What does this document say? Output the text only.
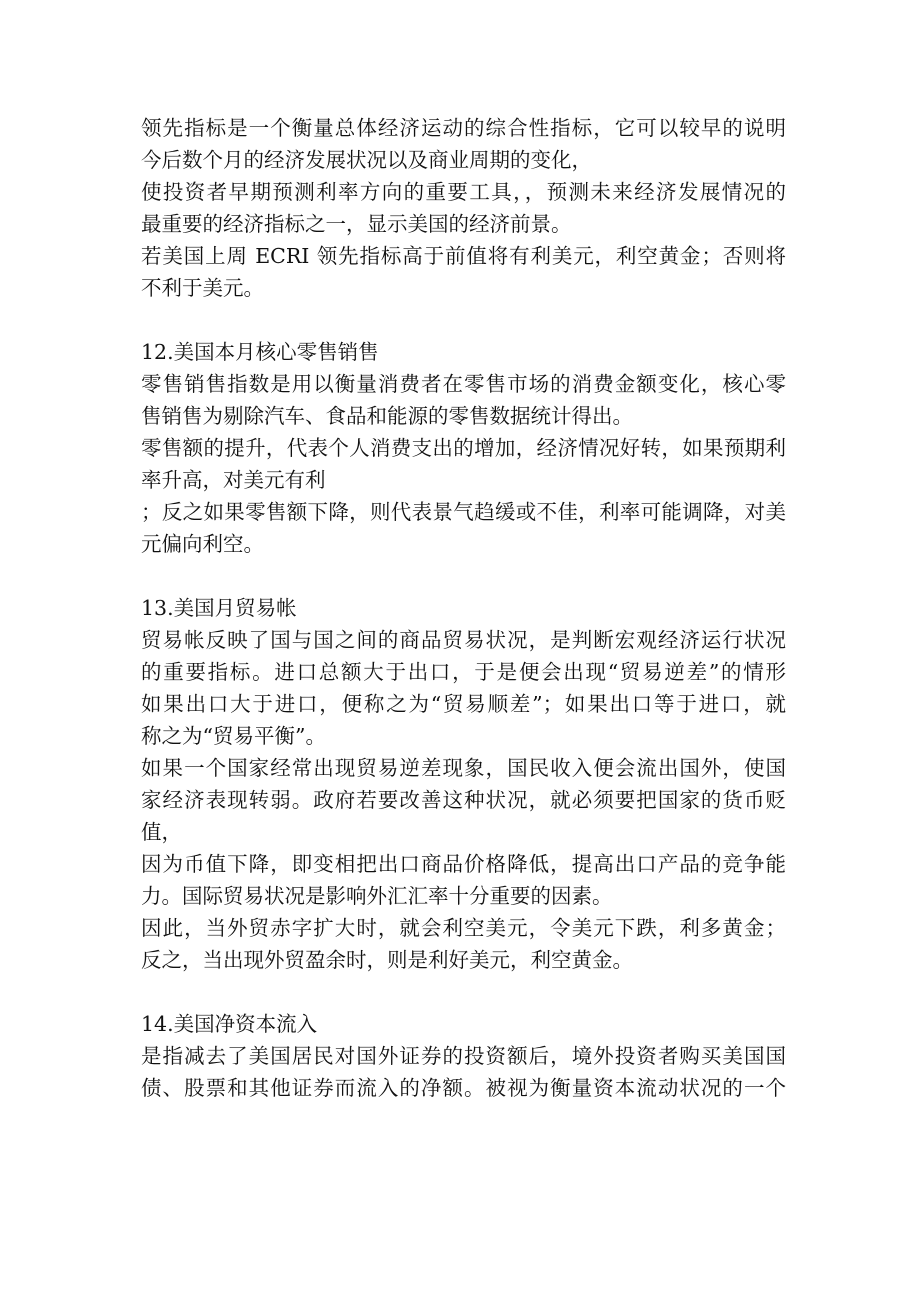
领先指标是一个衡量总体经济运动的综合性指标，它可以较早的说明
今后数个月的经济发展状况以及商业周期的变化，
使投资者早期预测利率方向的重要工具，，预测未来经济发展情况的
最重要的经济指标之一，显示美国的经济前景。
若美国上周 ECRI 领先指标高于前值将有利美元，利空黄金；否则将
不利于美元。
12.美国本月核心零售销售
零售销售指数是用以衡量消费者在零售市场的消费金额变化，核心零
售销售为剔除汽车、食品和能源的零售数据统计得出。
零售额的提升，代表个人消费支出的增加，经济情况好转，如果预期利
率升高，对美元有利
；反之如果零售额下降，则代表景气趋缓或不佳，利率可能调降，对美
元偏向利空。
13.美国月贸易帐
贸易帐反映了国与国之间的商品贸易状况，是判断宏观经济运行状况
的重要指标。进口总额大于出口，于是便会出现“贸易逆差”的情形
如果出口大于进口，便称之为“贸易顺差”；如果出口等于进口，就
称之为“贸易平衡”。
如果一个国家经常出现贸易逆差现象，国民收入便会流出国外，使国
家经济表现转弱。政府若要改善这种状况，就必须要把国家的货币贬
值，
因为币值下降，即变相把出口商品价格降低，提高出口产品的竞争能
力。国际贸易状况是影响外汇汇率十分重要的因素。
因此，当外贸赤字扩大时，就会利空美元，令美元下跌，利多黄金；
反之，当出现外贸盈余时，则是利好美元，利空黄金。
14.美国净资本流入
是指减去了美国居民对国外证券的投资额后，境外投资者购买美国国
债、股票和其他证券而流入的净额。被视为衡量资本流动状况的一个
